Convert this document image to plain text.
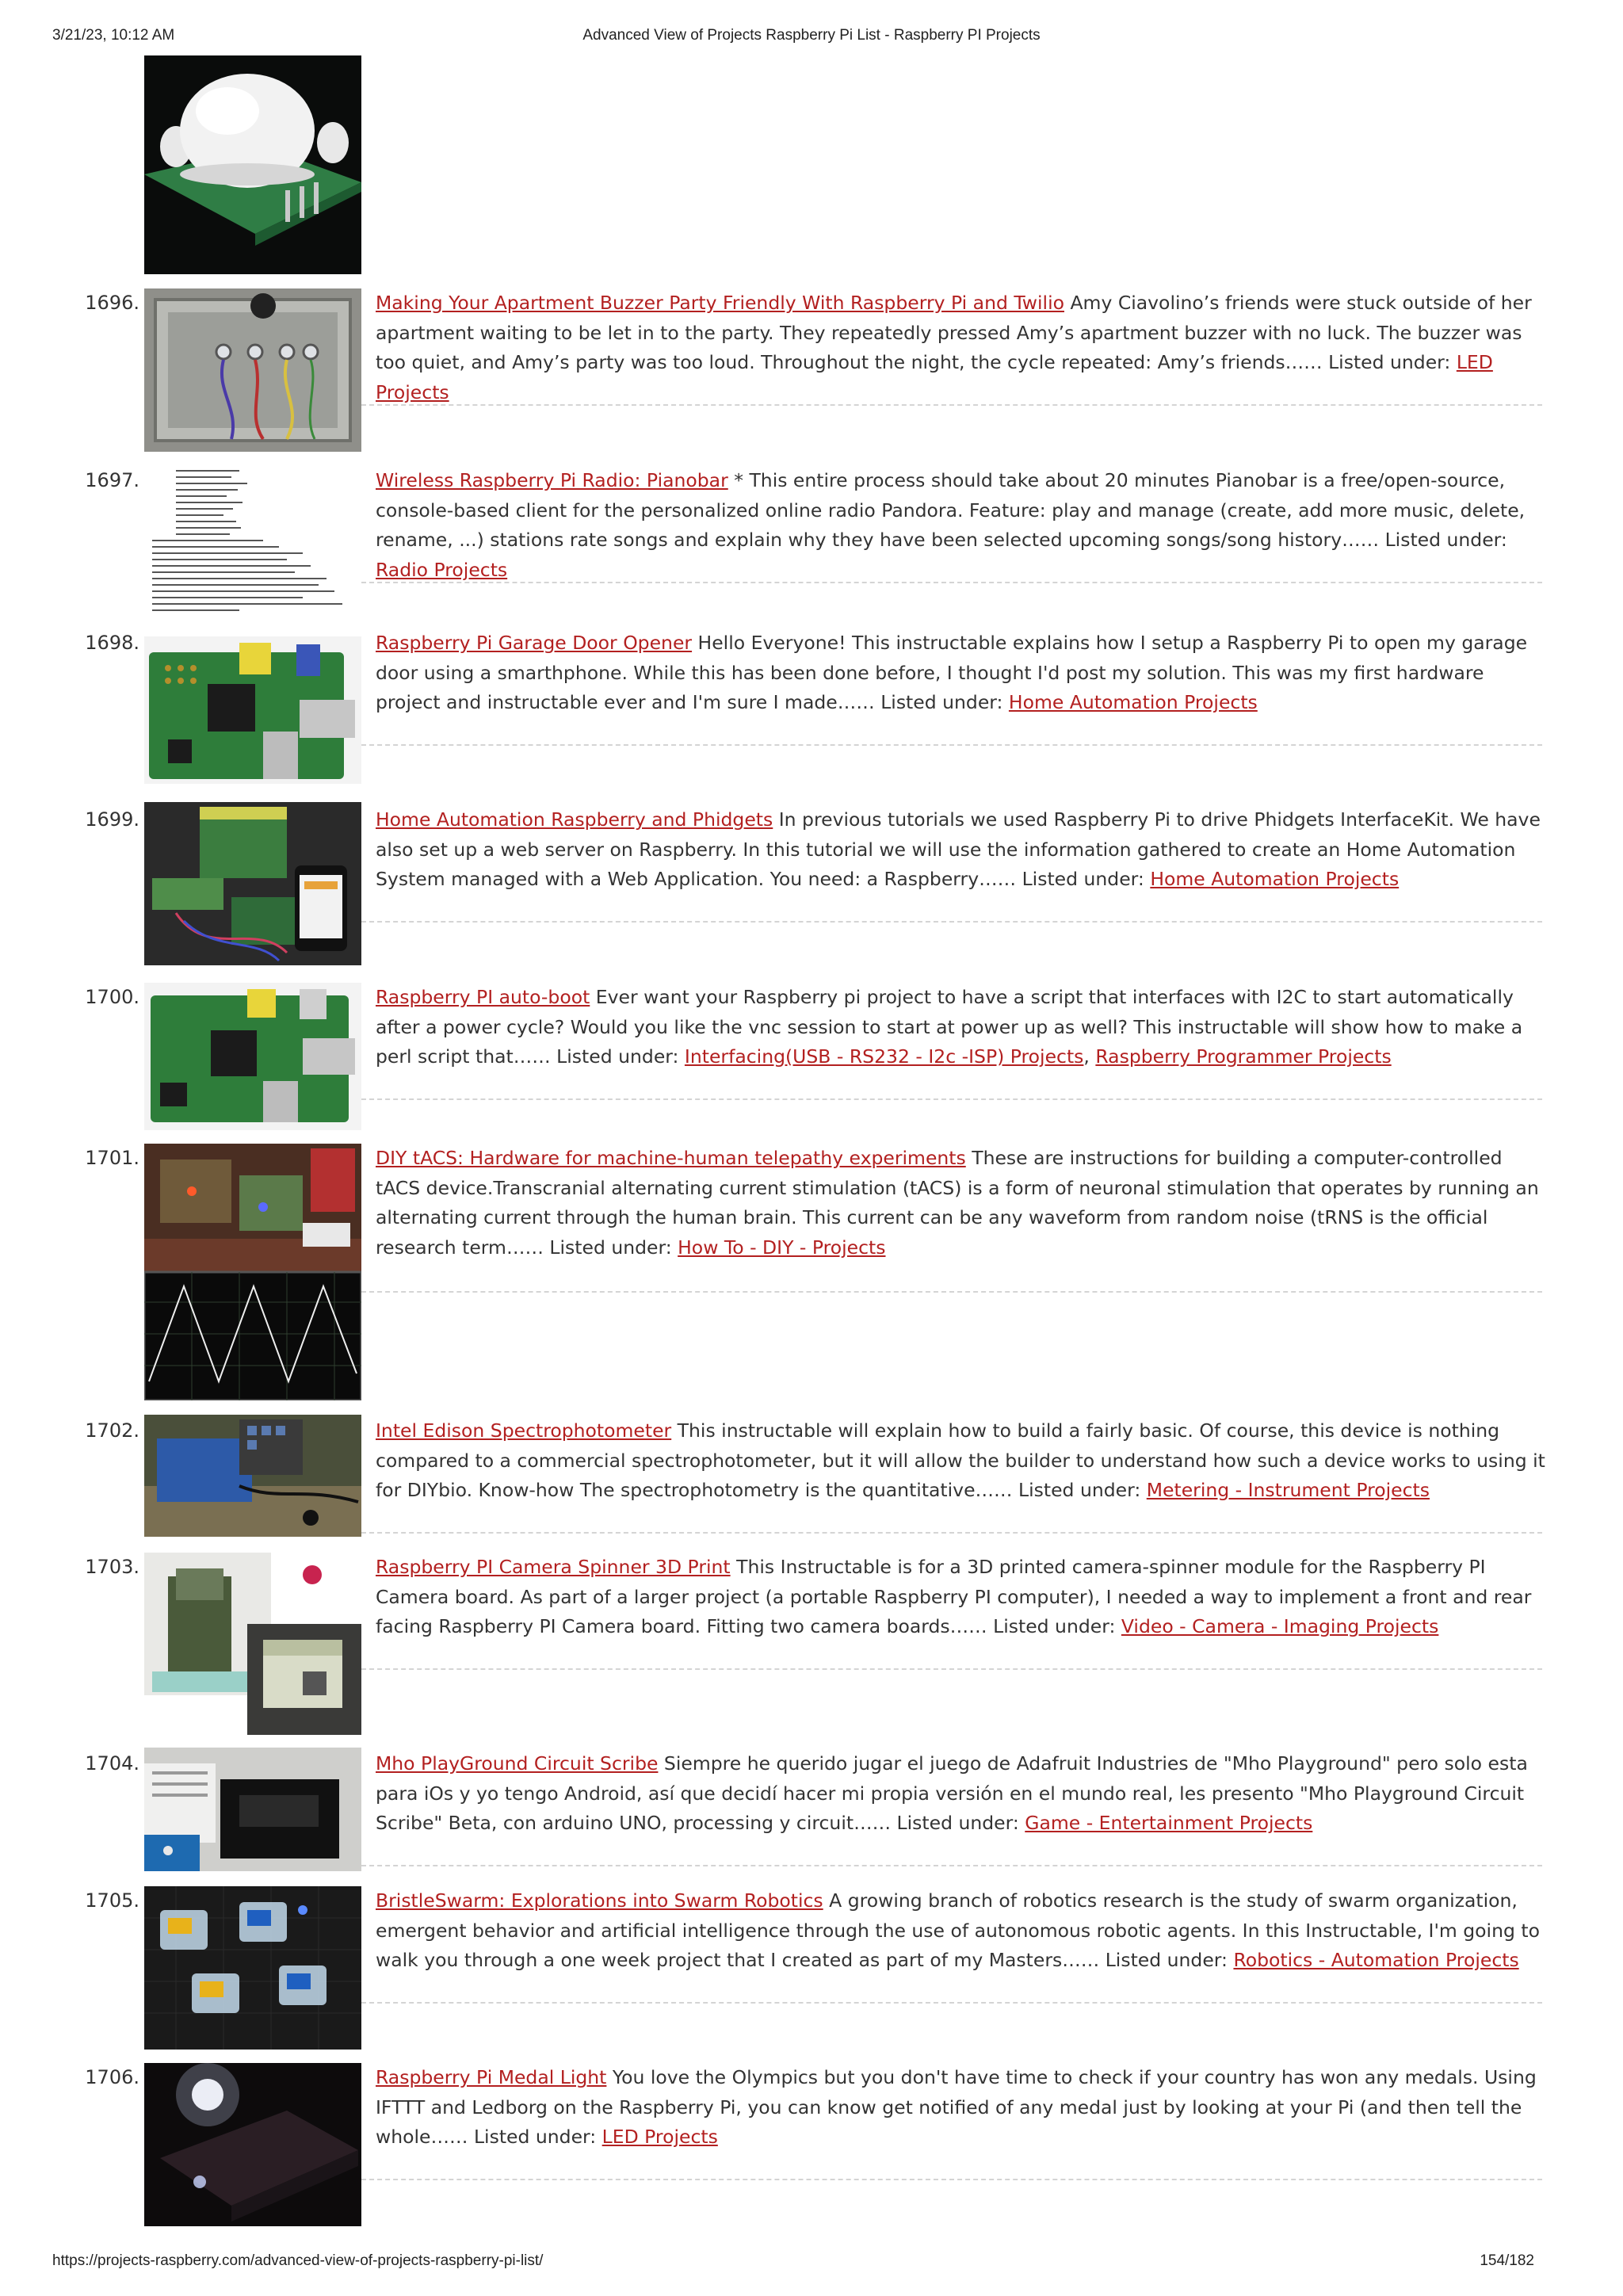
3/21/23, 10:12 AM	Advanced View of Projects Raspberry Pi List - Raspberry PI Projects
1696.	Making Your Apartment Buzzer Party Friendly With Raspberry Pi and Twilio Amy Ciavolino’s friends were stuck outside of her apartment waiting to be let in to the party. They repeatedly pressed Amy’s apartment buzzer with no luck. The buzzer was too quiet, and Amy’s party was too loud. Throughout the night, the cycle repeated: Amy’s friends…… Listed under: LED Projects
1697.	Wireless Raspberry Pi Radio: Pianobar * This entire process should take about 20 minutes Pianobar is a free/open-source, console-based client for the personalized online radio Pandora. Feature: play and manage (create, add more music, delete, rename, ...) stations rate songs and explain why they have been selected upcoming songs/song history…… Listed under: Radio Projects
1698.	Raspberry Pi Garage Door Opener Hello Everyone! This instructable explains how I setup a Raspberry Pi to open my garage door using a smarthphone. While this has been done before, I thought I'd post my solution. This was my first hardware project and instructable ever and I'm sure I made…… Listed under: Home Automation Projects
1699.	Home Automation Raspberry and Phidgets In previous tutorials we used Raspberry Pi to drive Phidgets InterfaceKit. We have also set up a web server on Raspberry. In this tutorial we will use the information gathered to create an Home Automation System managed with a Web Application. You need: a Raspberry…… Listed under: Home Automation Projects
1700.	Raspberry PI auto-boot Ever want your Raspberry pi project to have a script that interfaces with I2C to start automatically after a power cycle? Would you like the vnc session to start at power up as well? This instructable will show how to make a perl script that…… Listed under: Interfacing(USB - RS232 - I2c -ISP) Projects, Raspberry Programmer Projects
1701.	DIY tACS: Hardware for machine-human telepathy experiments These are instructions for building a computer-controlled tACS device.Transcranial alternating current stimulation (tACS) is a form of neuronal stimulation that operates by running an alternating current through the human brain. This current can be any waveform from random noise (tRNS is the official research term…… Listed under: How To - DIY - Projects
1702.	Intel Edison Spectrophotometer This instructable will explain how to build a fairly basic. Of course, this device is nothing compared to a commercial spectrophotometer, but it will allow the builder to understand how such a device works to using it for DIYbio. Know-how The spectrophotometry is the quantitative…… Listed under: Metering - Instrument Projects
1703.	Raspberry PI Camera Spinner 3D Print This Instructable is for a 3D printed camera-spinner module for the Raspberry PI Camera board. As part of a larger project (a portable Raspberry PI computer), I needed a way to implement a front and rear facing Raspberry PI Camera board. Fitting two camera boards…… Listed under: Video - Camera - Imaging Projects
1704.	Mho PlayGround Circuit Scribe Siempre he querido jugar el juego de Adafruit Industries de "Mho Playground" pero solo esta para iOs y yo tengo Android, así que decidí hacer mi propia versión en el mundo real, les presento "Mho Playground Circuit Scribe" Beta, con arduino UNO, processing y circuit…… Listed under: Game - Entertainment Projects
1705.	BristleSwarm: Explorations into Swarm Robotics A growing branch of robotics research is the study of swarm organization, emergent behavior and artificial intelligence through the use of autonomous robotic agents. In this Instructable, I'm going to walk you through a one week project that I created as part of my Masters…… Listed under: Robotics - Automation Projects
1706.	Raspberry Pi Medal Light You love the Olympics but you don't have time to check if your country has won any medals. Using IFTTT and Ledborg on the Raspberry Pi, you can know get notified of any medal just by looking at your Pi (and then tell the whole…… Listed under: LED Projects
https://projects-raspberry.com/advanced-view-of-projects-raspberry-pi-list/	154/182
